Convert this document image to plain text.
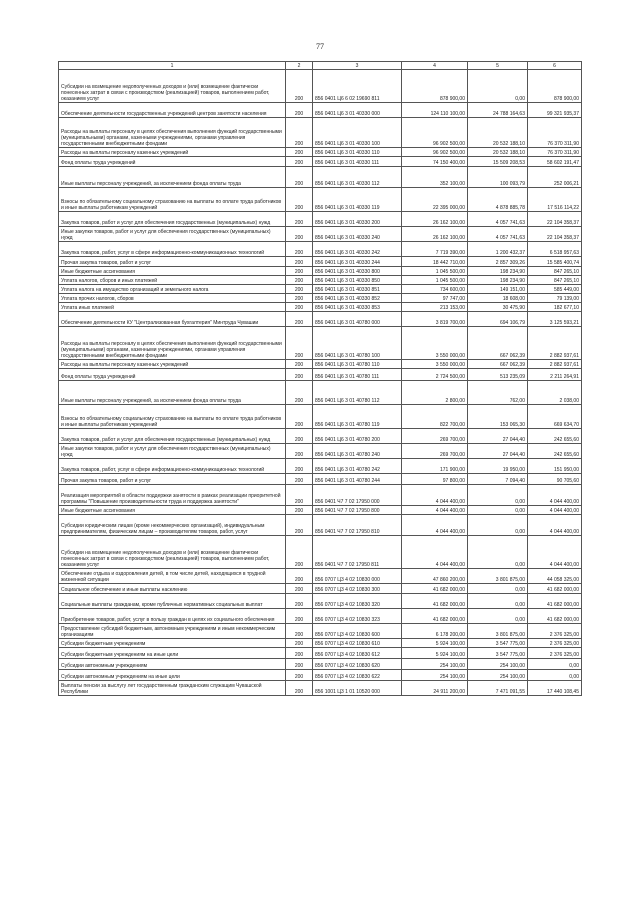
77
1	2	3	4	5	6
Субсидии на возмещение недополученных доходов и (или) возмещение фактически понесенных затрат в связи с производством (реализацией) товаров, выполнением работ, оказанием услуг	200	856 0401 Ц6 6 02 19690 811	878 900,00	0,00	878 900,00
Обеспечение деятельности государственных учреждений центров занятости населения	200	856 0401 Ц6 3 01 40330 000	124 110 100,00	24 788 164,63	99 321 935,37
Расходы на выплаты персоналу в целях обеспечения выполнения функций государственными (муниципальными) органами, казенными учреждениями, органами управления государственными внебюджетными фондами	200	856 0401 Ц6 3 01 40330 100	96 902 500,00	20 532 188,10	76 370 311,90
Расходы на выплаты персоналу казенных учреждений	200	856 0401 Ц6 3 01 40330 110	96 902 500,00	20 532 188,10	76 370 311,90
Фонд оплаты труда учреждений	200	856 0401 Ц6 3 01 40330 111	74 150 400,00	15 509 208,53	58 602 191,47
Иные выплаты персоналу учреждений, за исключением фонда оплаты труда	200	856 0401 Ц6 3 01 40330 112	352 100,00	100 093,79	252 006,21
Взносы по обязательному социальному страхованию на выплаты по оплате труда работников и иные выплаты работникам учреждений	200	856 0401 Ц6 3 01 40330 119	22 395 000,00	4 878 885,78	17 516 114,22
Закупка товаров, работ и услуг для обеспечения государственных (муниципальных) нужд	200	856 0401 Ц6 3 01 40330 200	26 162 100,00	4 057 741,63	22 104 358,37
Иные закупки товаров, работ и услуг для обеспечения государственных (муниципальных) нужд	200	856 0401 Ц6 3 01 40330 240	26 162 100,00	4 057 741,63	22 104 358,37
Закупка товаров, работ, услуг в сфере информационно-коммуникационных технологий	200	856 0401 Ц6 3 01 40330 242	7 719 390,00	1 200 432,37	6 518 957,63
Прочая закупка товаров, работ и услуг	200	856 0401 Ц6 3 01 40330 244	18 442 710,00	2 857 309,26	15 585 400,74
Иные бюджетные ассигнования	200	856 0401 Ц6 3 01 40330 800	1 045 500,00	198 234,90	847 265,10
Уплата налогов, сборов и иных платежей	200	856 0401 Ц6 3 01 40330 850	1 045 500,00	198 234,90	847 265,10
Уплата налога на имущество организаций и земельного налога	200	856 0401 Ц6 3 01 40330 851	734 600,00	149 151,00	585 449,00
Уплата прочих налогов, сборов	200	856 0401 Ц6 3 01 40330 852	97 747,00	18 608,00	79 139,00
Уплата иных платежей	200	856 0401 Ц6 3 01 40330 853	213 153,00	30 475,90	182 677,10
Обеспечение деятельности КУ "Централизованная бухгалтерия" Минтруда Чувашии	200	856 0401 Ц6 3 01 40780 000	3 819 700,00	694 106,79	3 125 593,21
Расходы на выплаты персоналу в целях обеспечения выполнения функций государственными (муниципальными) органами, казенными учреждениями, органами управления государственными внебюджетными фондами	200	856 0401 Ц6 3 01 40780 100	3 550 000,00	667 062,39	2 882 937,61
Расходы на выплаты персоналу казенных учреждений	200	856 0401 Ц6 3 01 40780 110	3 550 000,00	667 062,39	2 882 937,61
Фонд оплаты труда учреждений	200	856 0401 Ц6 3 01 40780 111	2 724 500,00	513 235,09	2 211 264,91
Иные выплаты персоналу учреждений, за исключением фонда оплаты труда	200	856 0401 Ц6 3 01 40780 112	2 800,00	762,00	2 038,00
Взносы по обязательному социальному страхованию на выплаты по оплате труда работников и иные выплаты работникам учреждений	200	856 0401 Ц6 3 01 40780 119	822 700,00	153 065,30	669 634,70
Закупка товаров, работ и услуг для обеспечения государственных (муниципальных) нужд	200	856 0401 Ц6 3 01 40780 200	269 700,00	27 044,40	242 655,60
Иные закупки товаров, работ и услуг для обеспечения государственных (муниципальных) нужд	200	856 0401 Ц6 3 01 40780 240	269 700,00	27 044,40	242 655,60
Закупка товаров, работ, услуг в сфере информационно-коммуникационных технологий	200	856 0401 Ц6 3 01 40780 242	171 900,00	19 950,00	151 950,00
Прочая закупка товаров, работ и услуг	200	856 0401 Ц6 3 01 40780 244	97 800,00	7 094,40	90 705,60
Реализация мероприятий в области поддержки занятости в рамках реализации приоритетной программы "Повышение производительности труда и поддержка занятости"	200	856 0401 Ч7 7 02 17950 000	4 044 400,00	0,00	4 044 400,00
Иные бюджетные ассигнования	200	856 0401 Ч7 7 02 17950 800	4 044 400,00	0,00	4 044 400,00
Субсидии юридическим лицам (кроме некоммерческих организаций), индивидуальным предпринимателям, физическим лицам – производителям товаров, работ, услуг	200	856 0401 Ч7 7 02 17950 810	4 044 400,00	0,00	4 044 400,00
Субсидии на возмещение недополученных доходов и (или) возмещение фактически понесенных затрат в связи с производством (реализацией) товаров, выполнением работ, оказанием услуг	200	856 0401 Ч7 7 02 17950 811	4 044 400,00	0,00	4 044 400,00
Обеспечение отдыха и оздоровления детей, в том числе детей, находящихся в трудной жизненной ситуации	200	856 0707 Ц3 4 02 10830 000	47 860 200,00	3 801 875,00	44 058 325,00
Социальное обеспечение и иные выплаты населению	200	856 0707 Ц3 4 02 10830 300	41 682 000,00	0,00	41 682 000,00
Социальные выплаты гражданам, кроме публичных нормативных социальных выплат	200	856 0707 Ц3 4 02 10830 320	41 682 000,00	0,00	41 682 000,00
Приобретение товаров, работ, услуг в пользу граждан в целях их социального обеспечения	200	856 0707 Ц3 4 02 10830 323	41 682 000,00	0,00	41 682 000,00
Предоставление субсидий бюджетным, автономным учреждениям и иным некоммерческим организациям	200	856 0707 Ц3 4 02 10830 600	6 178 200,00	3 801 875,00	2 376 325,00
Субсидии бюджетным учреждениям	200	856 0707 Ц3 4 02 10830 610	5 924 100,00	3 547 775,00	2 376 325,00
Субсидии бюджетным учреждениям на иные цели	200	856 0707 Ц3 4 02 10830 612	5 924 100,00	3 547 775,00	2 376 325,00
Субсидии автономным учреждениям	200	856 0707 Ц3 4 02 10830 620	254 100,00	254 100,00	0,00
Субсидии автономным учреждениям на иные цели	200	856 0707 Ц3 4 02 10830 622	254 100,00	254 100,00	0,00
Выплаты пенсии за выслугу лет государственным гражданским служащим Чувашской Республики	200	856 1001 Ц3 1 01 10520 000	24 911 200,00	7 471 091,55	17 440 108,45
